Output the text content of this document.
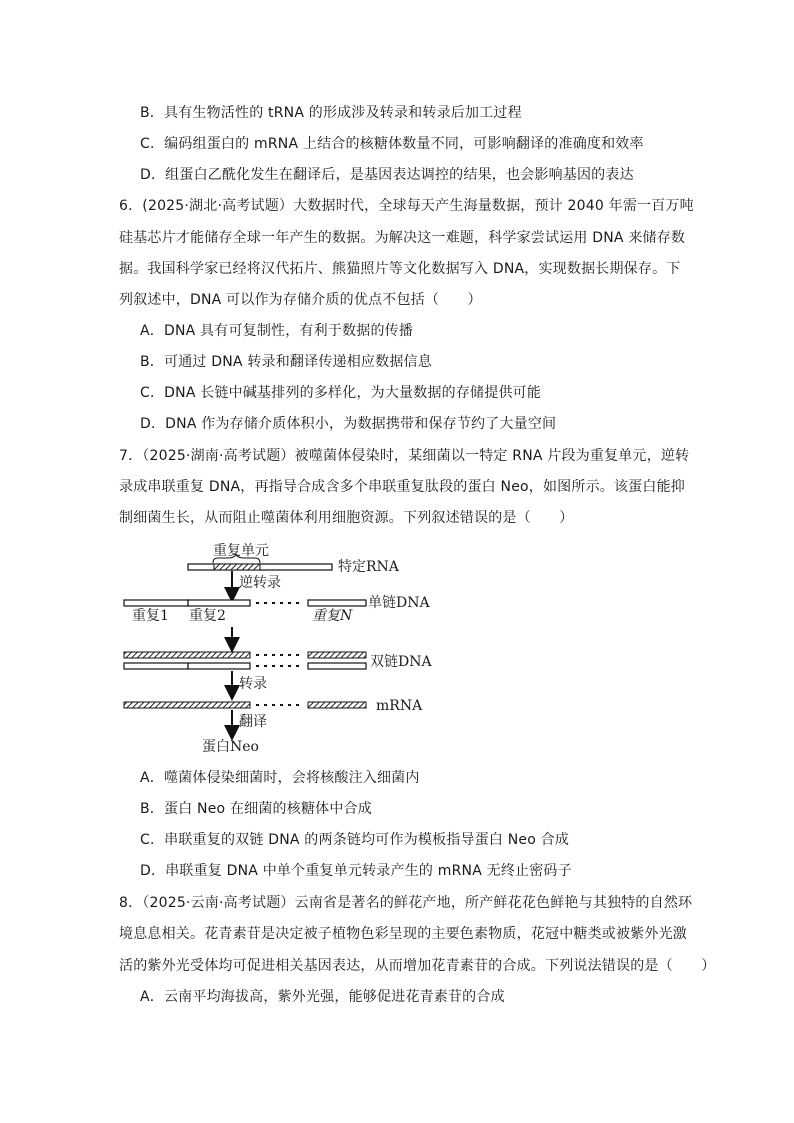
B．具有生物活性的 tRNA 的形成涉及转录和转录后加工过程
C．编码组蛋白的 mRNA 上结合的核糖体数量不同，可影响翻译的准确度和效率
D．组蛋白乙酰化发生在翻译后，是基因表达调控的结果，也会影响基因的表达
6．(2025·湖北·高考试题）大数据时代，全球每天产生海量数据，预计 2040 年需一百万吨
硅基芯片才能储存全球一年产生的数据。为解决这一难题，科学家尝试运用 DNA 来储存数
据。我国科学家已经将汉代拓片、熊猫照片等文化数据写入 DNA，实现数据长期保存。下
列叙述中，DNA 可以作为存储介质的优点不包括（　　）
A．DNA 具有可复制性，有利于数据的传播
B．可通过 DNA 转录和翻译传递相应数据信息
C．DNA 长链中碱基排列的多样化，为大量数据的存储提供可能
D．DNA 作为存储介质体积小，为数据携带和保存节约了大量空间
7．（2025·湖南·高考试题）被噬菌体侵染时，某细菌以一特定 RNA 片段为重复单元，逆转
录成串联重复 DNA，再指导合成含多个串联重复肽段的蛋白 Neo，如图所示。该蛋白能抑
制细菌生长，从而阻止噬菌体利用细胞资源。下列叙述错误的是（　　）
重复单元
特定RNA
逆转录
单链DNA
重复1 重复2	重复N
双链DNA
转录
mRNA
翻译
蛋白Neo
A．噬菌体侵染细菌时，会将核酸注入细菌内
B．蛋白 Neo 在细菌的核糖体中合成
C．串联重复的双链 DNA 的两条链均可作为模板指导蛋白 Neo 合成
D．串联重复 DNA 中单个重复单元转录产生的 mRNA 无终止密码子
8．（2025·云南·高考试题）云南省是著名的鲜花产地，所产鲜花花色鲜艳与其独特的自然环
境息息相关。花青素苷是决定被子植物色彩呈现的主要色素物质，花冠中糖类或被紫外光激
活的紫外光受体均可促进相关基因表达，从而增加花青素苷的合成。下列说法错误的是（　　）
A．云南平均海拔高，紫外光强，能够促进花青素苷的合成
